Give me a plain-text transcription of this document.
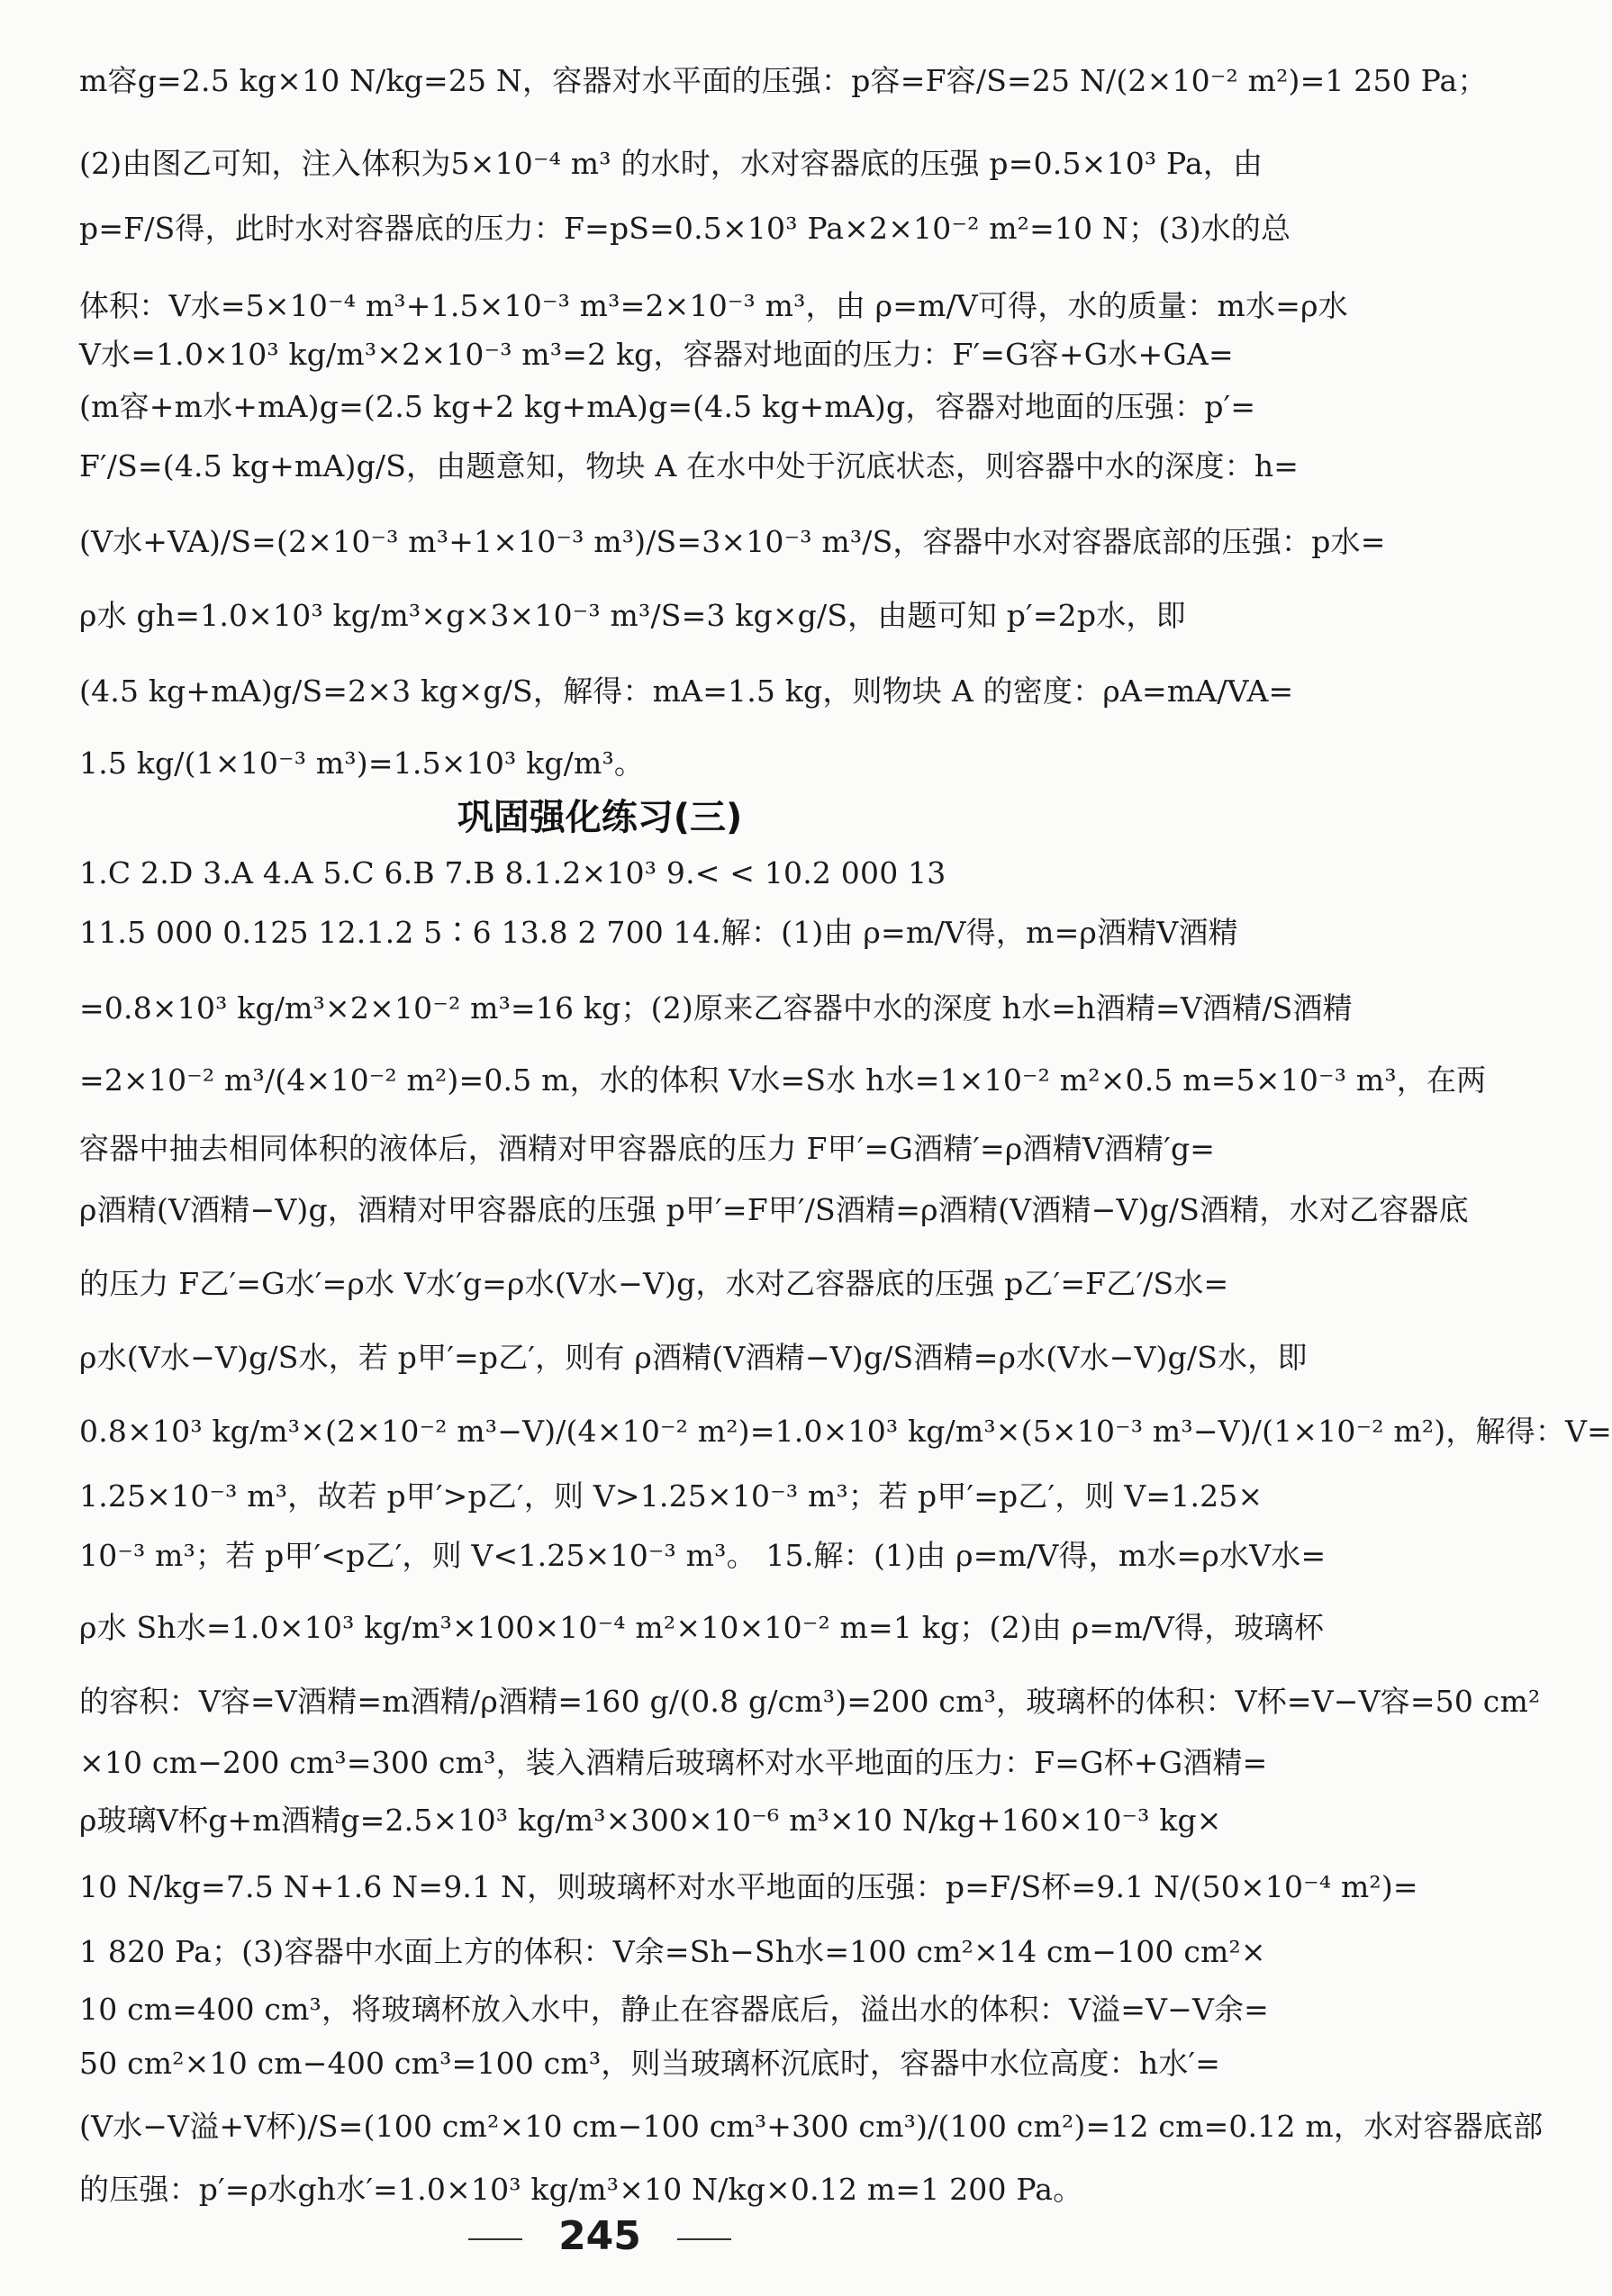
m容g=2.5 kg×10 N/kg=25 N，容器对水平面的压强：p容=F容/S=25 N/(2×10⁻² m²)=1 250 Pa；
(2)由图乙可知，注入体积为5×10⁻⁴ m³ 的水时，水对容器底的压强 p=0.5×10³ Pa，由
p=F/S得，此时水对容器底的压力：F=pS=0.5×10³ Pa×2×10⁻² m²=10 N；(3)水的总
体积：V水=5×10⁻⁴ m³+1.5×10⁻³ m³=2×10⁻³ m³，由 ρ=m/V可得，水的质量：m水=ρ水
V水=1.0×10³ kg/m³×2×10⁻³ m³=2 kg，容器对地面的压力：F′=G容+G水+GA=
(m容+m水+mA)g=(2.5 kg+2 kg+mA)g=(4.5 kg+mA)g，容器对地面的压强：p′=
F′/S=(4.5 kg+mA)g/S，由题意知，物块 A 在水中处于沉底状态，则容器中水的深度：h=
(V水+VA)/S=(2×10⁻³ m³+1×10⁻³ m³)/S=3×10⁻³ m³/S，容器中水对容器底部的压强：p水=
ρ水 gh=1.0×10³ kg/m³×g×3×10⁻³ m³/S=3 kg×g/S，由题可知 p′=2p水，即
(4.5 kg+mA)g/S=2×3 kg×g/S，解得：mA=1.5 kg，则物块 A 的密度：ρA=mA/VA=
1.5 kg/(1×10⁻³ m³)=1.5×10³ kg/m³。
巩固强化练习(三)
1.C 2.D 3.A 4.A 5.C 6.B 7.B 8.1.2×10³ 9.< < 10.2 000 13
11.5 000 0.125 12.1.2 5∶6 13.8 2 700 14.解：(1)由 ρ=m/V得，m=ρ酒精V酒精
=0.8×10³ kg/m³×2×10⁻² m³=16 kg；(2)原来乙容器中水的深度 h水=h酒精=V酒精/S酒精
=2×10⁻² m³/(4×10⁻² m²)=0.5 m，水的体积 V水=S水 h水=1×10⁻² m²×0.5 m=5×10⁻³ m³，在两
容器中抽去相同体积的液体后，酒精对甲容器底的压力 F甲′=G酒精′=ρ酒精V酒精′g=
ρ酒精(V酒精−V)g，酒精对甲容器底的压强 p甲′=F甲′/S酒精=ρ酒精(V酒精−V)g/S酒精，水对乙容器底
的压力 F乙′=G水′=ρ水 V水′g=ρ水(V水−V)g，水对乙容器底的压强 p乙′=F乙′/S水=
ρ水(V水−V)g/S水，若 p甲′=p乙′，则有 ρ酒精(V酒精−V)g/S酒精=ρ水(V水−V)g/S水，即
0.8×10³ kg/m³×(2×10⁻² m³−V)/(4×10⁻² m²)=1.0×10³ kg/m³×(5×10⁻³ m³−V)/(1×10⁻² m²)，解得：V=
1.25×10⁻³ m³，故若 p甲′>p乙′，则 V>1.25×10⁻³ m³；若 p甲′=p乙′，则 V=1.25×
10⁻³ m³；若 p甲′<p乙′，则 V<1.25×10⁻³ m³。 15.解：(1)由 ρ=m/V得，m水=ρ水V水=
ρ水 Sh水=1.0×10³ kg/m³×100×10⁻⁴ m²×10×10⁻² m=1 kg；(2)由 ρ=m/V得，玻璃杯
的容积：V容=V酒精=m酒精/ρ酒精=160 g/(0.8 g/cm³)=200 cm³，玻璃杯的体积：V杯=V−V容=50 cm²
×10 cm−200 cm³=300 cm³，装入酒精后玻璃杯对水平地面的压力：F=G杯+G酒精=
ρ玻璃V杯g+m酒精g=2.5×10³ kg/m³×300×10⁻⁶ m³×10 N/kg+160×10⁻³ kg×
10 N/kg=7.5 N+1.6 N=9.1 N，则玻璃杯对水平地面的压强：p=F/S杯=9.1 N/(50×10⁻⁴ m²)=
1 820 Pa；(3)容器中水面上方的体积：V余=Sh−Sh水=100 cm²×14 cm−100 cm²×
10 cm=400 cm³，将玻璃杯放入水中，静止在容器底后，溢出水的体积：V溢=V−V余=
50 cm²×10 cm−400 cm³=100 cm³，则当玻璃杯沉底时，容器中水位高度：h水′=
(V水−V溢+V杯)/S=(100 cm²×10 cm−100 cm³+300 cm³)/(100 cm²)=12 cm=0.12 m，水对容器底部
的压强：p′=ρ水gh水′=1.0×10³ kg/m³×10 N/kg×0.12 m=1 200 Pa。
245
